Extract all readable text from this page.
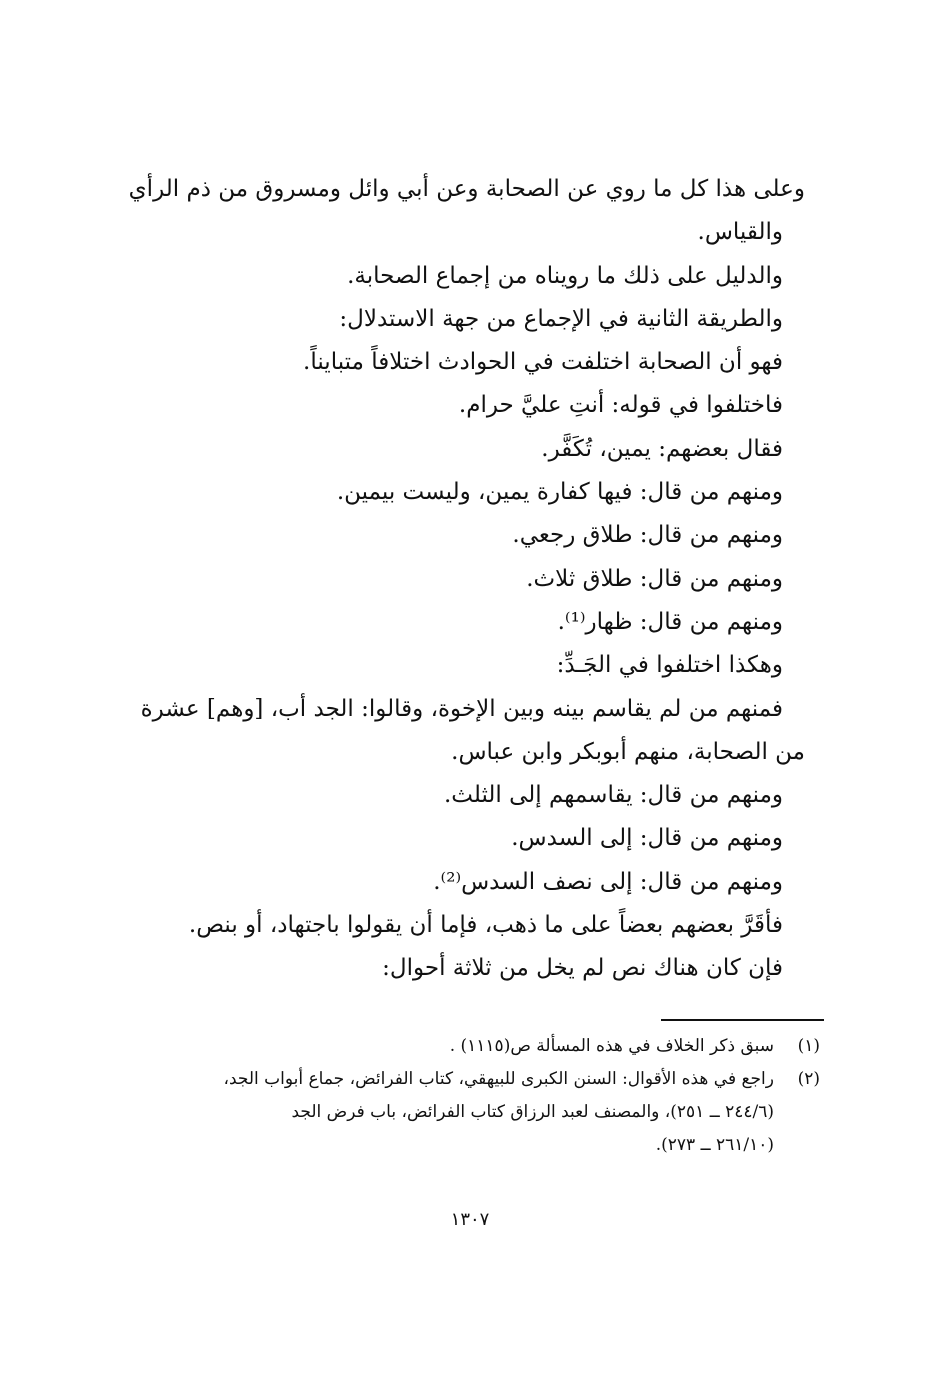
وعلى هذا كل ما روي عن الصحابة وعن أبي وائل ومسروق من ذم الرأي
والقياس.
والدليل على ذلك ما رويناه من إجماع الصحابة.
والطريقة الثانية في الإجماع من جهة الاستدلال:
فهو أن الصحابة اختلفت في الحوادث اختلافاً متبايناً.
فاختلفوا في قوله: أنتِ عليَّ حرام.
فقال بعضهم: يمين، تُكَفَّر.
ومنهم من قال: فيها كفارة يمين، وليست بيمين.
ومنهم من قال: طلاق رجعي.
ومنهم من قال: طلاق ثلاث.
ومنهم من قال: ظهار⁽¹⁾.
وهكذا اختلفوا في الجَـدِّ:
فمنهم من لم يقاسم بينه وبين الإخوة، وقالوا: الجد أب، [وهم] عشرة
من الصحابة، منهم أبوبكر وابن عباس.
ومنهم من قال: يقاسمهم إلى الثلث.
ومنهم من قال: إلى السدس.
ومنهم من قال: إلى نصف السدس⁽²⁾.
فأقَرَّ بعضهم بعضاً على ما ذهب، فإما أن يقولوا باجتهاد، أو بنص.
فإن كان هناك نص لم يخل من ثلاثة أحوال:
(١)
سبق ذكر الخلاف في هذه المسألة ص(١١١٥) .
(٢)
راجع في هذه الأقوال: السنن الكبرى للبيهقي، كتاب الفرائض، جماع أبواب الجد،
(٢٤٤/٦ ــ ٢٥١)، والمصنف لعبد الرزاق كتاب الفرائض، باب فرض الجد
(٢٦١/١٠ ــ ٢٧٣).
١٣٠٧
